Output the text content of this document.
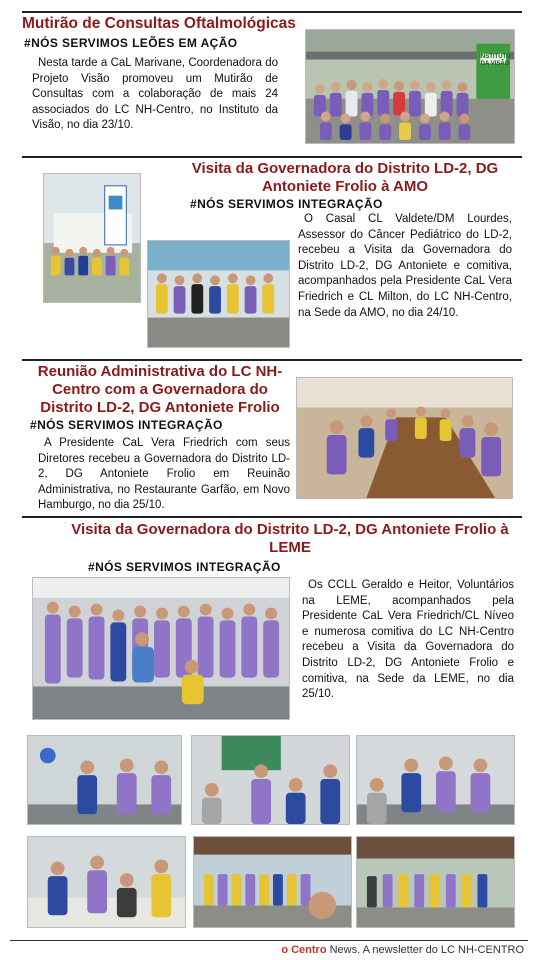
Mutirão de Consultas Oftalmológicas
#NÓS SERVIMOS LEÕES EM AÇÃO
Nesta tarde a CaL Marivane, Coordenadora do Projeto Visão promoveu um Mutirão de Consultas com a colaboração de mais 24 associados do LC NH-Centro, no Instituto da Visão, no dia 23/10.
INSTITUTO DA VISÃO
Visita da Governadora do Distrito LD-2, DG Antoniete Frolio à AMO
#NÓS SERVIMOS INTEGRAÇÃO
O Casal CL Valdete/DM Lourdes, Assessor do Câncer Pediátrico do LD-2, recebeu a Visita da Governadora do Distrito LD-2, DG Antoniete e comitiva, acompanhados pela Presidente CaL Vera Friedrich e CL Milton, do LC NH-Centro, na Sede da AMO, no dia 24/10.
Reunião Administrativa do LC NH-Centro com a Governadora do Distrito LD-2, DG Antoniete Frolio
#NÓS SERVIMOS INTEGRAÇÃO
A Presidente CaL Vera Friedrich com seus Diretores recebeu a Governadora do Distrito LD-2, DG Antoniete Frolio em Reuinão Administrativa, no Restaurante Garfão, em Novo Hamburgo, no dia 25/10.
Visita da Governadora do Distrito LD-2, DG Antoniete Frolio à LEME
#NÓS SERVIMOS INTEGRAÇÃO
Os CCLL Geraldo e Heitor, Voluntários na LEME, acompanhados pela Presidente CaL Vera Friedrich/CL Níveo e numerosa comitiva do LC NH-Centro recebeu a Visita da Governadora do Distrito LD-2, DG Antoniete Frolio e comitiva, na Sede da LEME, no dia 25/10.
o Centro News. A newsletter do LC NH-CENTRO
